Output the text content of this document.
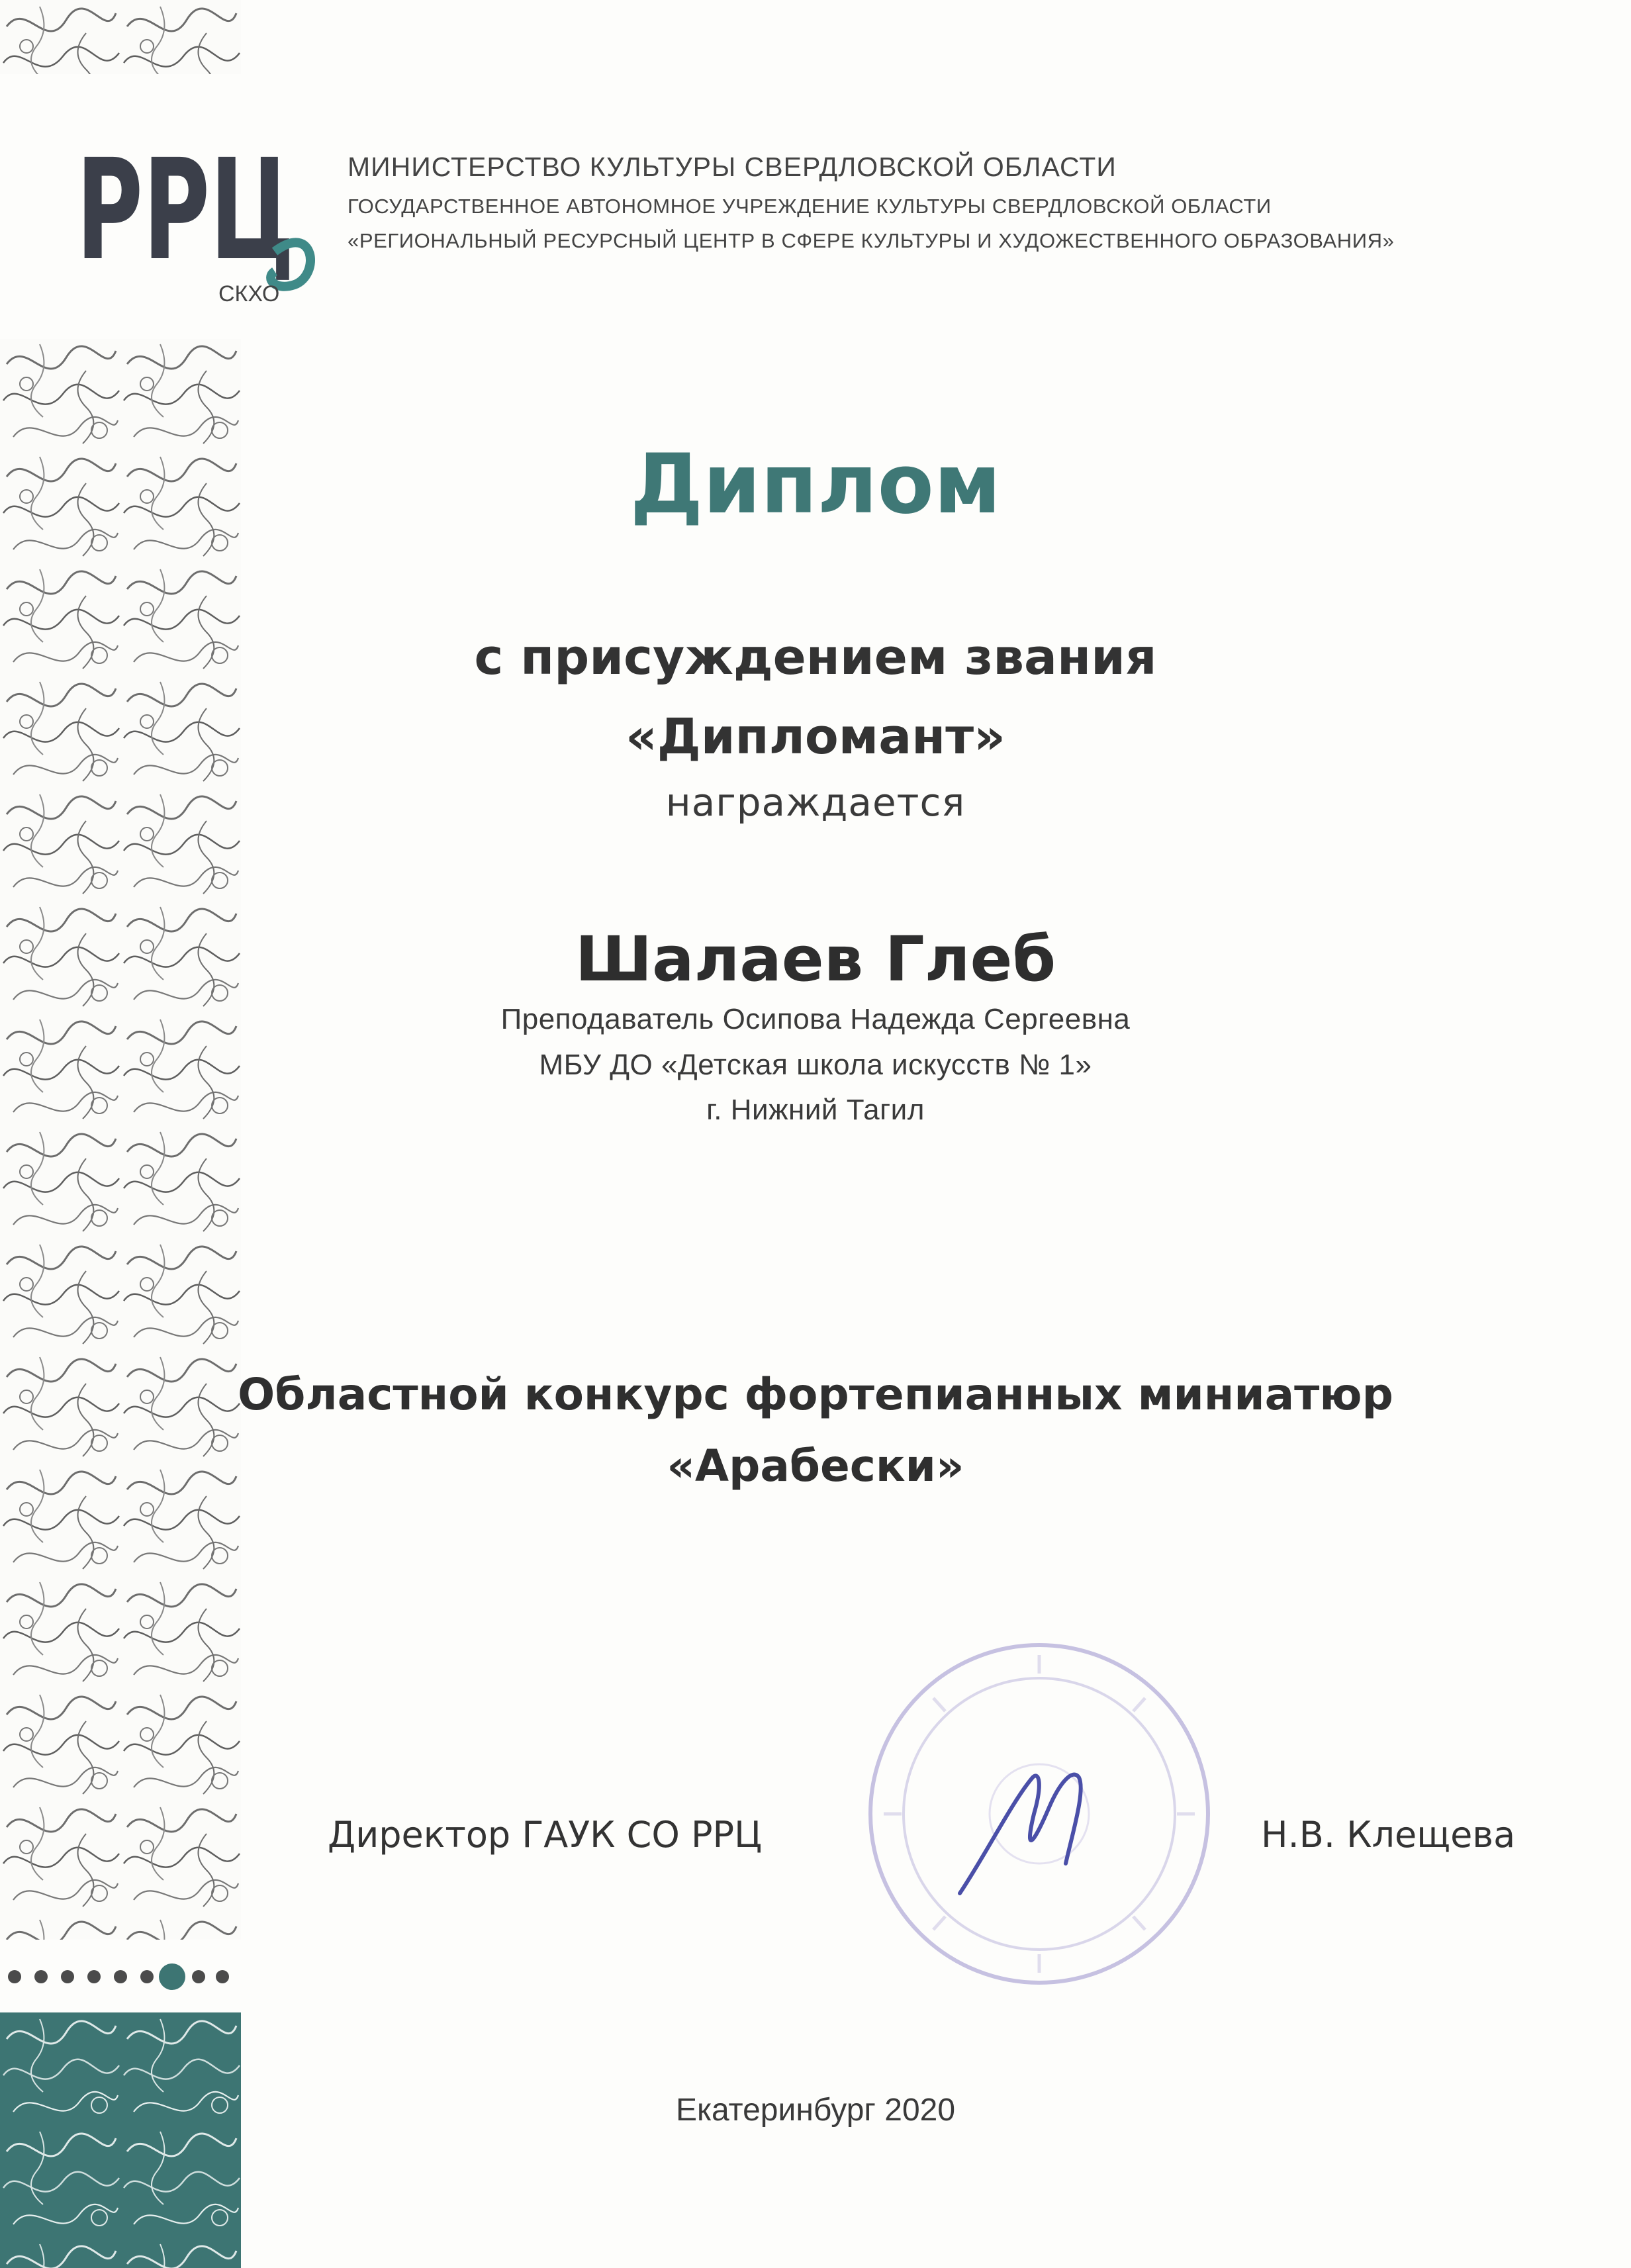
РРЦ
СКХО
МИНИСТЕРСТВО КУЛЬТУРЫ СВЕРДЛОВСКОЙ ОБЛАСТИ
ГОСУДАРСТВЕННОЕ АВТОНОМНОЕ УЧРЕЖДЕНИЕ КУЛЬТУРЫ СВЕРДЛОВСКОЙ ОБЛАСТИ
«РЕГИОНАЛЬНЫЙ РЕСУРСНЫЙ ЦЕНТР В СФЕРЕ КУЛЬТУРЫ И ХУДОЖЕСТВЕННОГО ОБРАЗОВАНИЯ»
Диплом
с присуждением звания
«Дипломант»
награждается
Шалаев Глеб
Преподаватель Осипова Надежда Сергеевна
МБУ ДО «Детская школа искусств № 1»
г. Нижний Тагил
Областной конкурс фортепианных миниатюр
«Арабески»
Директор ГАУК СО РРЦ	Н.В. Клещева
Екатеринбург 2020
